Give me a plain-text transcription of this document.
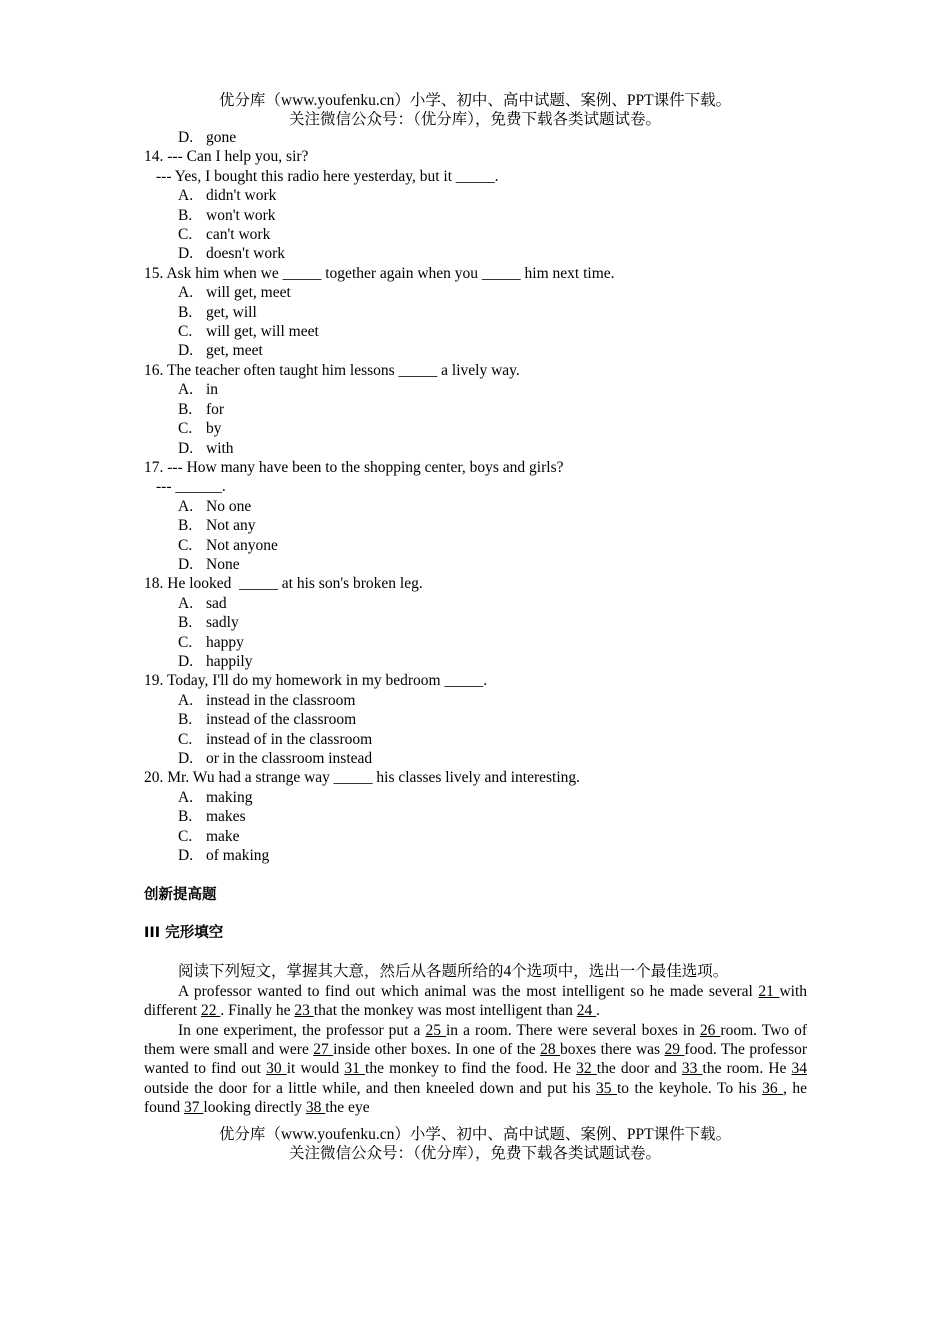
优分库（www.youfenku.cn）小学、初中、高中试题、案例、PPT课件下载。
关注微信公众号：（优分库），免费下载各类试题试卷。
D. gone
14. --- Can I help you, sir?
--- Yes, I bought this radio here yesterday, but it _____.
A. didn't work
B. won't work
C. can't work
D. doesn't work
15. Ask him when we _____ together again when you _____ him next time.
A. will get, meet
B. get, will
C. will get, will meet
D. get, meet
16. The teacher often taught him lessons _____ a lively way.
A. in
B. for
C. by
D. with
17. --- How many have been to the shopping center, boys and girls?
--- ______.
A. No one
B. Not any
C. Not anyone
D. None
18. He looked  _____ at his son's broken leg.
A. sad
B. sadly
C. happy
D. happily
19. Today, I'll do my homework in my bedroom _____.
A. instead in the classroom
B. instead of the classroom
C. instead of in the classroom
D. or in the classroom instead
20. Mr. Wu had a strange way _____ his classes lively and interesting.
A. making
B. makes
C. make
D. of making
创新提高题
III 完形填空
阅读下列短文，掌握其大意，然后从各题所给的4个选项中，选出一个最佳选项。
A professor wanted to find out which animal was the most intelligent so he made several 21 with different 22 . Finally he 23 that the monkey was most intelligent than 24 .
In one experiment, the professor put a 25 in a room. There were several boxes in 26 room. Two of them were small and were 27 inside other boxes. In one of the 28 boxes there was 29 food. The professor wanted to find out 30 it would 31 the monkey to find the food. He 32 the door and 33 the room. He 34 outside the door for a little while, and then kneeled down and put his 35 to the keyhole. To his 36 , he found 37 looking directly 38 the eye
优分库（www.youfenku.cn）小学、初中、高中试题、案例、PPT课件下载。
关注微信公众号：（优分库），免费下载各类试题试卷。
